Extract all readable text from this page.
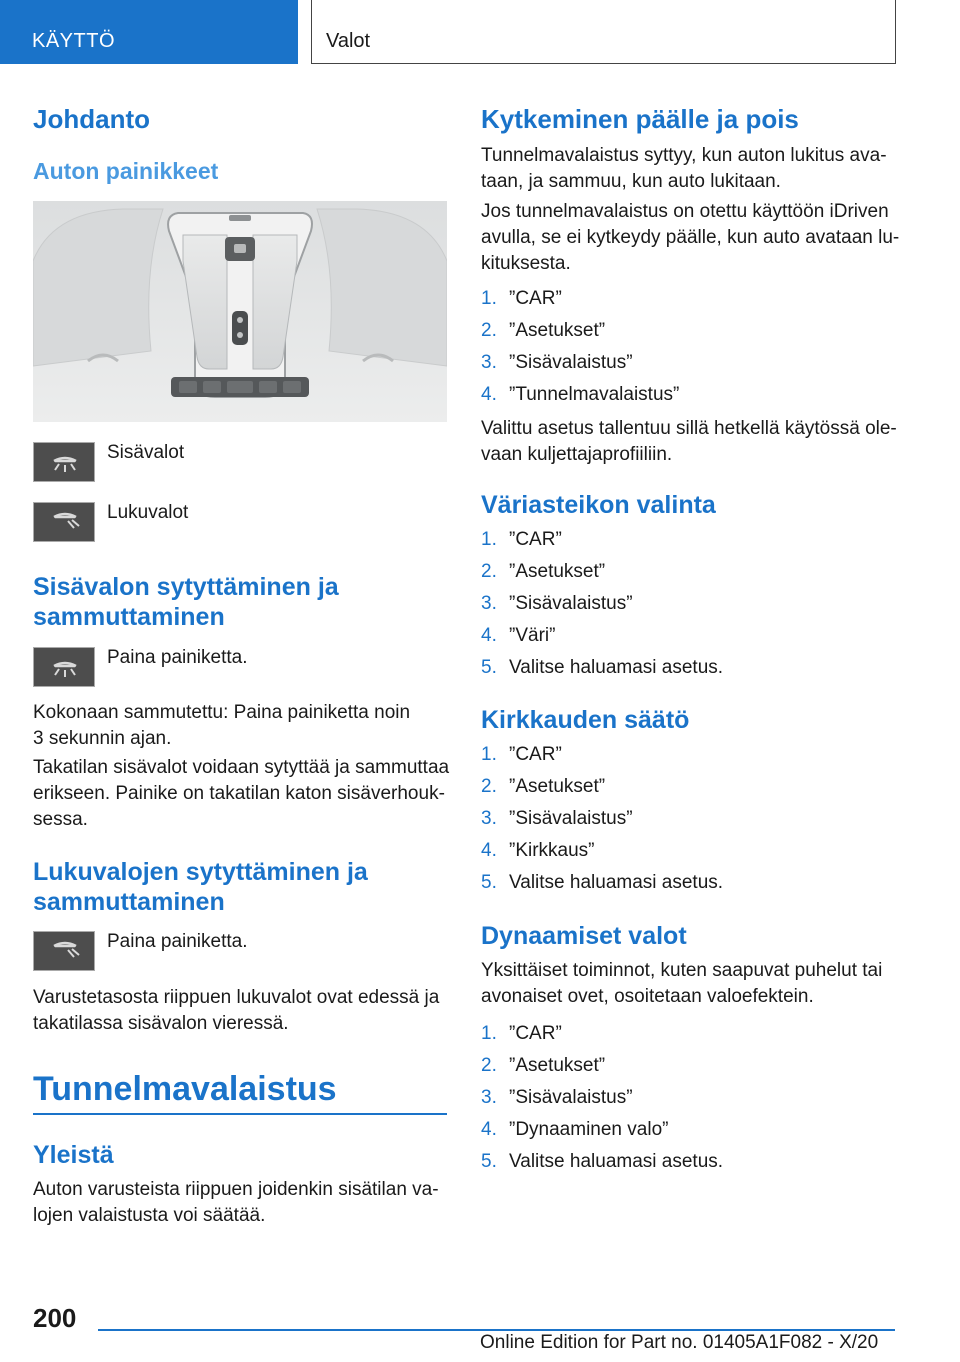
KÄYTTÖ	Valot
Johdanto
Auton painikkeet
Sisävalot
Lukuvalot
Sisävalon sytyttäminen ja
sammuttaminen
Paina painiketta.
Kokonaan sammutettu: Paina painiketta noin
3 sekunnin ajan.
Takatilan sisävalot voidaan sytyttää ja sammuttaa
erikseen. Painike on takatilan katon sisäverhouk‐
sessa.
Lukuvalojen sytyttäminen ja
sammuttaminen
Paina painiketta.
Varustetasosta riippuen lukuvalot ovat edessä ja
takatilassa sisävalon vieressä.
Tunnelmavalaistus
Yleistä
Auton varusteista riippuen joidenkin sisätilan va‐
lojen valaistusta voi säätää.
Kytkeminen päälle ja pois
Tunnelmavalaistus syttyy, kun auton lukitus ava‐
taan, ja sammuu, kun auto lukitaan.
Jos tunnelmavalaistus on otettu käyttöön iDriven
avulla, se ei kytkeydy päälle, kun auto avataan lu‐
kituksesta.
1. ”CAR”
2. ”Asetukset”
3. ”Sisävalaistus”
4. ”Tunnelmavalaistus”
Valittu asetus tallentuu sillä hetkellä käytössä ole‐
vaan kuljettajaprofiiliin.
Väriasteikon valinta
1. ”CAR”
2. ”Asetukset”
3. ”Sisävalaistus”
4. ”Väri”
5. Valitse haluamasi asetus.
Kirkkauden säätö
1. ”CAR”
2. ”Asetukset”
3. ”Sisävalaistus”
4. ”Kirkkaus”
5. Valitse haluamasi asetus.
Dynaamiset valot
Yksittäiset toiminnot, kuten saapuvat puhelut tai
avonaiset ovet, osoitetaan valoefektein.
1. ”CAR”
2. ”Asetukset”
3. ”Sisävalaistus”
4. ”Dynaaminen valo”
5. Valitse haluamasi asetus.
200
Online Edition for Part no. 01405A1F082 - X/20
